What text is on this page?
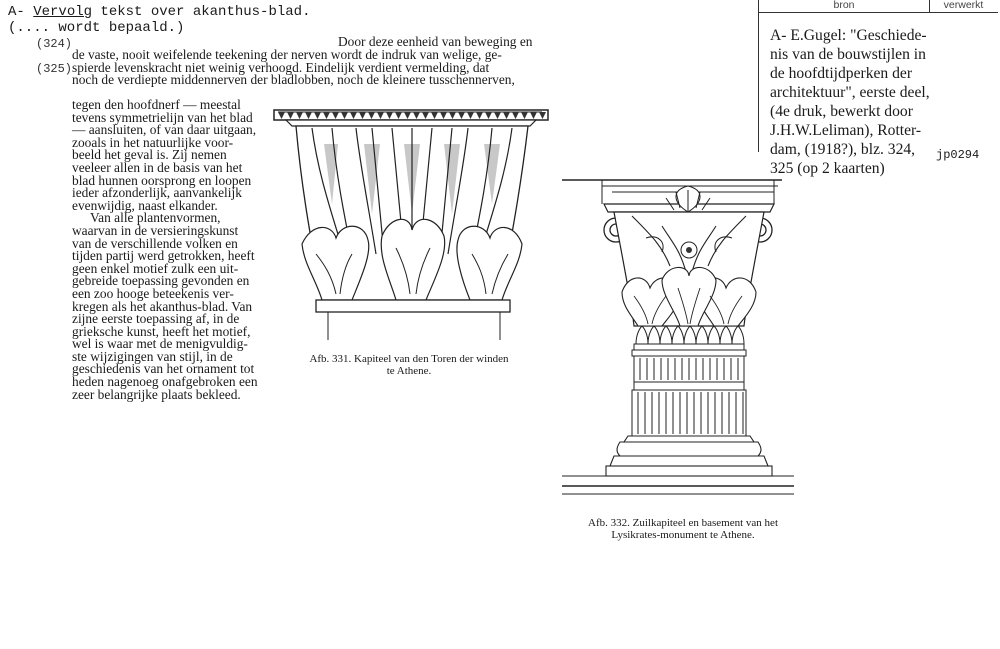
A- Vervolg tekst over akanthus-blad.
(.... wordt bepaald.)
(324)
(325)
Door deze eenheid van beweging en
de vaste, nooit weifelende teekening der nerven wordt de indruk van welige, ge-
spierde levenskracht niet weinig verhoogd. Eindelijk verdient vermelding, dat
noch de verdiepte middennerven der bladlobben, noch de kleinere tusschennerven,
tegen den hoofdnerf — meestal
tevens symmetrielijn van het blad
— aansluiten, of van daar uitgaan,
zooals in het natuurlijke voor-
beeld het geval is. Zij nemen
veeleer allen in de basis van het
blad hunnen oorsprong en loopen
ieder afzonderlijk, aanvankelijk
evenwijdig, naast elkander.
Van alle plantenvormen,
waarvan in de versieringskunst
van de verschillende volken en
tijden partij werd getrokken, heeft
geen enkel motief zulk een uit-
gebreide toepassing gevonden en
een zoo hooge beteekenis ver-
kregen als het akanthus-blad. Van
zijne eerste toepassing af, in de
grieksche kunst, heeft het motief,
wel is waar met de menigvuldig-
ste wijzigingen van stijl, in de
geschiedenis van het ornament tot
heden nagenoeg onafgebroken een
zeer belangrijke plaats bekleed.
bron	verwerkt
A- E.Gugel: "Geschiede-
nis van de bouwstijlen in
de hoofdtijdperken der
architektuur", eerste deel,
(4e druk, bewerkt door
J.H.W.Leliman), Rotter-
dam, (1918?), blz. 324,
325 (op 2 kaarten)
jp0294
Afb. 331. Kapiteel van den Toren der winden
te Athene.
Afb. 332. Zuilkapiteel en basement van het
Lysikrates-monument te Athene.
